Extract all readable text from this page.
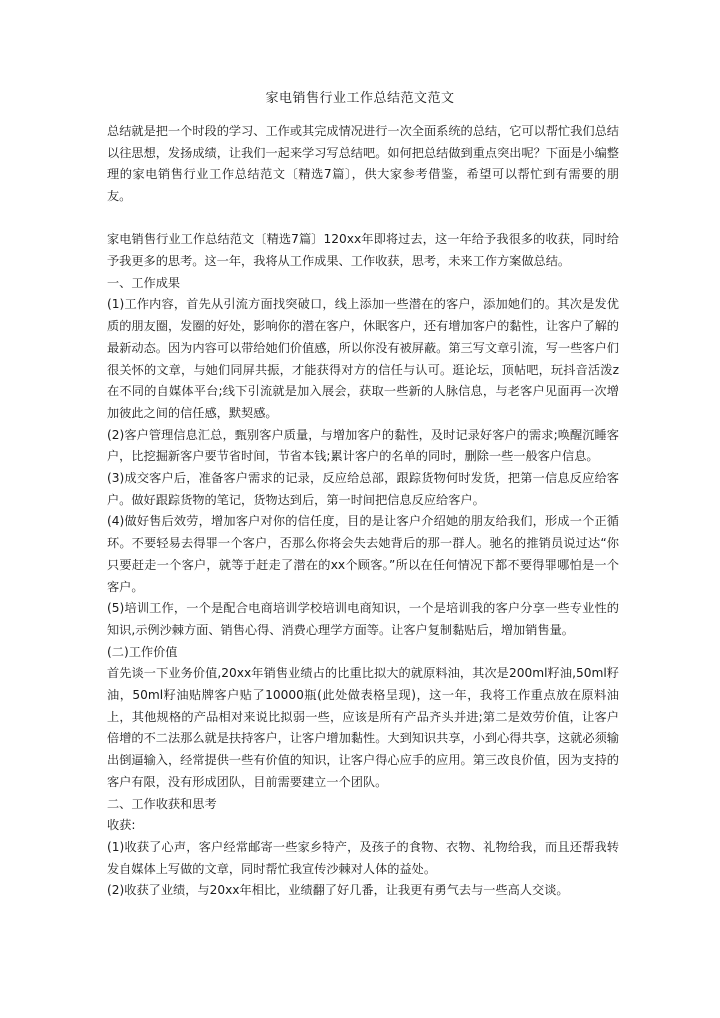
家电销售行业工作总结范文范文

总结就是把一个时段的学习、工作或其完成情况进行一次全面系统的总结，它可以帮忙我们总结以往思想，发扬成绩，让我们一起来学习写总结吧。如何把总结做到重点突出呢？下面是小编整理的家电销售行业工作总结范文〔精选7篇〕，供大家参考借鉴，希望可以帮忙到有需要的朋友。

家电销售行业工作总结范文〔精选7篇〕120xx年即将过去，这一年给予我很多的收获，同时给予我更多的思考。这一年，我将从工作成果、工作收获，思考，未来工作方案做总结。

一、工作成果

(1)工作内容，首先从引流方面找突破口，线上添加一些潜在的客户，添加她们的。其次是发优质的朋友圈，发圈的好处，影响你的潜在客户，休眠客户，还有增加客户的黏性，让客户了解的最新动态。因为内容可以带给她们价值感，所以你没有被屏蔽。第三写文章引流，写一些客户们很关怀的文章，与她们同屏共振，才能获得对方的信任与认可。逛论坛，顶帖吧，玩抖音活泼z在不同的自媒体平台;线下引流就是加入展会，获取一些新的人脉信息，与老客户见面再一次增加彼此之间的信任感，默契感。

(2)客户管理信息汇总，甄别客户质量，与增加客户的黏性，及时记录好客户的需求;唤醒沉睡客户，比挖掘新客户要节省时间，节省本钱;累计客户的名单的同时，删除一些一般客户信息。

(3)成交客户后，准备客户需求的记录，反应给总部，跟踪货物何时发货，把第一信息反应给客户。做好跟踪货物的笔记，货物达到后，第一时间把信息反应给客户。

(4)做好售后效劳，增加客户对你的信任度，目的是让客户介绍她的朋友给我们，形成一个正循环。不要轻易去得罪一个客户，否那么你将会失去她背后的那一群人。驰名的推销员说过达“你只要赶走一个客户，就等于赶走了潜在的xx个顾客。”所以在任何情况下都不要得罪哪怕是一个客户。

(5)培训工作，一个是配合电商培训学校培训电商知识，一个是培训我的客户分享一些专业性的知识,示例沙棘方面、销售心得、消费心理学方面等。让客户复制黏贴后，增加销售量。

(二)工作价值

首先谈一下业务价值,20xx年销售业绩占的比重比拟大的就原料油，其次是200ml籽油,50ml籽油，50ml籽油贴牌客户贴了10000瓶(此处做表格呈现)，这一年，我将工作重点放在原料油上，其他规格的产品相对来说比拟弱一些，应该是所有产品齐头并进;第二是效劳价值，让客户倍增的不二法那么就是扶持客户，让客户增加黏性。大到知识共享，小到心得共享，这就必须输出倒逼输入，经常提供一些有价值的知识，让客户得心应手的应用。第三改良价值，因为支持的客户有限，没有形成团队，目前需要建立一个团队。

二、工作收获和思考

收获:

(1)收获了心声，客户经常邮寄一些家乡特产，及孩子的食物、衣物、礼物给我，而且还帮我转发自媒体上写做的文章，同时帮忙我宣传沙棘对人体的益处。

(2)收获了业绩，与20xx年相比，业绩翻了好几番，让我更有勇气去与一些高人交谈。
